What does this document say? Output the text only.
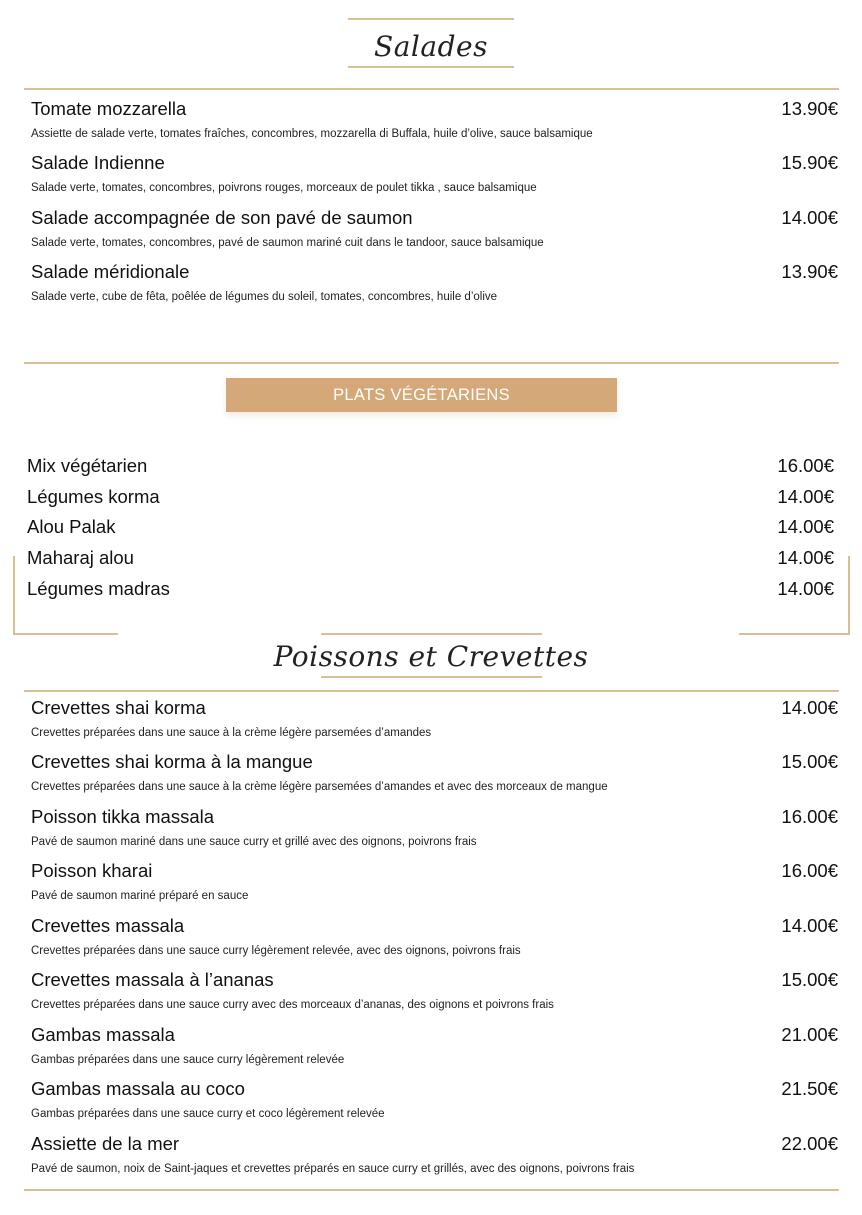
Salades
Tomate mozzarella	13.90€
Assiette de salade verte, tomates fraîches, concombres, mozzarella di Buffala, huile d’olive, sauce balsamique
Salade Indienne	15.90€
Salade verte, tomates, concombres, poivrons rouges, morceaux de poulet tikka , sauce balsamique
Salade accompagnée de son pavé de saumon	14.00€
Salade verte, tomates, concombres, pavé de saumon mariné cuit dans le tandoor, sauce balsamique
Salade méridionale	13.90€
Salade verte, cube de fêta, poêlée de légumes du soleil, tomates, concombres, huile d’olive
PLATS VÉGÉTARIENS
Mix végétarien	16.00€
Légumes korma	14.00€
Alou Palak	14.00€
Maharaj alou	14.00€
Légumes madras	14.00€
Poissons et Crevettes
Crevettes shai korma	14.00€
Crevettes préparées dans une sauce à la crème légère parsemées d’amandes
Crevettes shai korma à la mangue	15.00€
Crevettes préparées dans une sauce à la crème légère parsemées d’amandes et avec des morceaux de mangue
Poisson tikka massala	16.00€
Pavé de saumon mariné dans une sauce curry et grillé avec des oignons, poivrons frais
Poisson kharai	16.00€
Pavé de saumon mariné préparé en sauce
Crevettes massala	14.00€
Crevettes préparées dans une sauce curry légèrement relevée, avec des oignons, poivrons frais
Crevettes massala à l’ananas	15.00€
Crevettes préparées dans une sauce curry avec des morceaux d’ananas, des oignons et poivrons frais
Gambas massala	21.00€
Gambas préparées dans une sauce curry légèrement relevée
Gambas massala au coco	21.50€
Gambas préparées dans une sauce curry et coco légèrement relevée
Assiette de la mer	22.00€
Pavé de saumon, noix de Saint-jaques et crevettes préparés en sauce curry et grillés, avec des oignons, poivrons frais
